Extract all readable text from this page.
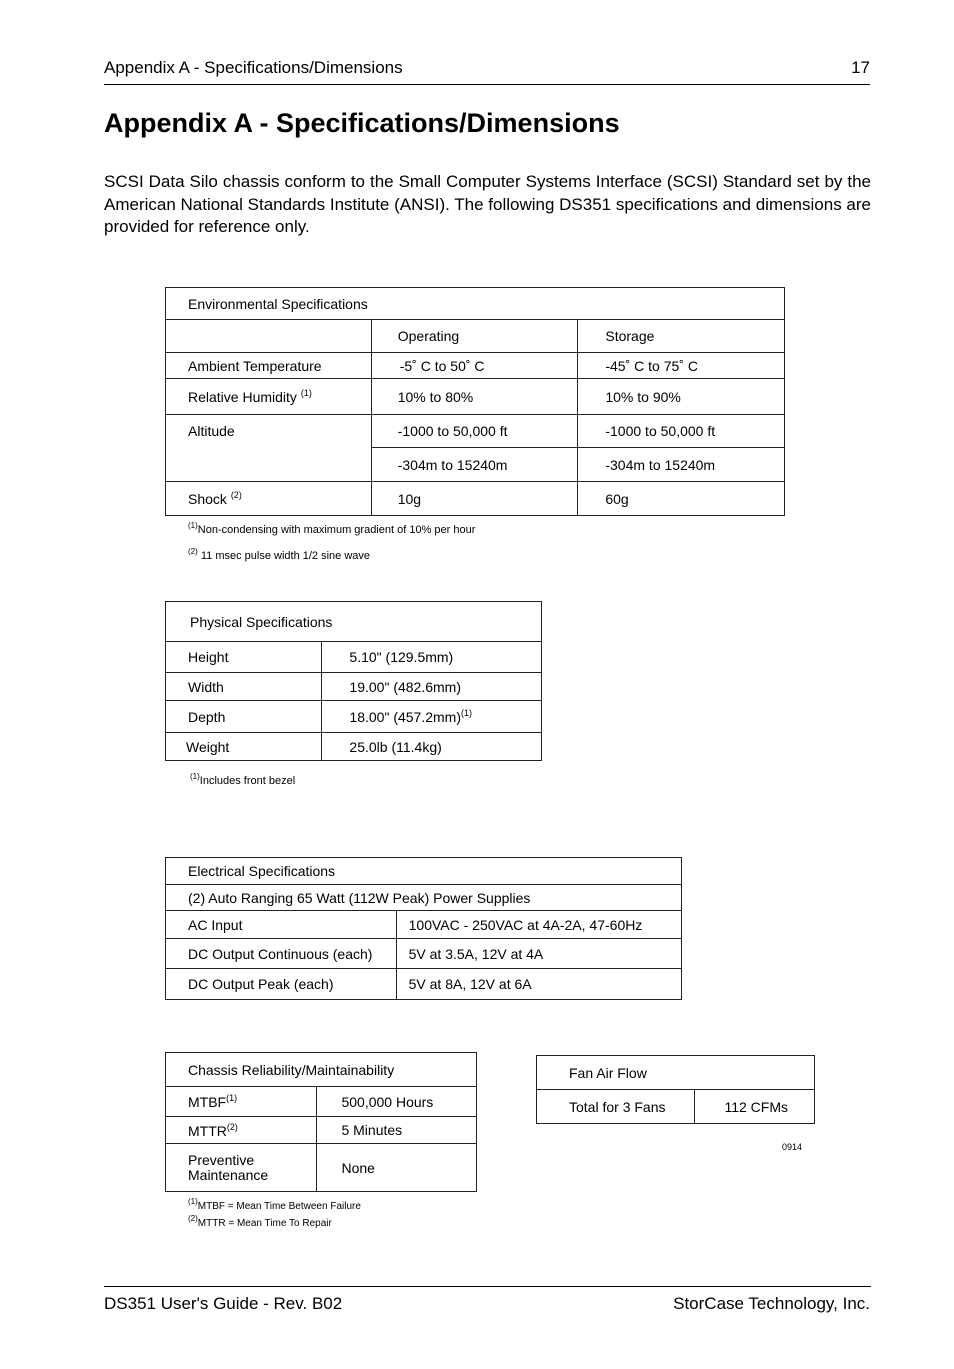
Appendix A - Specifications/Dimensions	17
Appendix A - Specifications/Dimensions
SCSI Data Silo chassis conform to the Small Computer Systems Interface (SCSI) Standard set by the American National Standards Institute (ANSI). The following DS351 specifications and dimensions are provided for reference only.
Environmental Specifications		
	Operating	Storage
Ambient Temperature	-5˚ C to 50˚ C	-45˚ C to 75˚ C
Relative Humidity $^{(1)}$	10% to 80%	10% to 90%
Altitude	-1000 to 50,000 ft	-1000 to 50,000 ft
	-304m to 15240m	-304m to 15240m
Shock $^{(2)}$	10g	60g
$^{(1)}$Non-condensing with maximum gradient of 10% per hour
$^{(2)}$ 11 msec pulse width 1/2 sine wave
Physical Specifications	
Height	5.10" (129.5mm)
Width	19.00" (482.6mm)
Depth	18.00" $(457.2mm)^{(1)}$
Weight	25.0lb (11.4kg)
$^{(1)}$Includes front bezel
Electrical Specifications	
(2) Auto Ranging 65 Watt (112W Peak) Power Supplies	
AC Input	100VAC - 250VAC at 4A-2A, 47-60Hz
DC Output Continuous (each)	5V at 3.5A, 12V at 4A
DC Output Peak (each)	5V at 8A, 12V at 6A
Chassis Reliability/Maintainability	
MTBF$^{(1)}$	500,000 Hours
MTTR$^{(2)}$	5 Minutes

Preventive
Maintenance	None
$^{(1)}$MTBF = Mean Time Between Failure
$^{(2)}$MTTR = Mean Time To Repair
Fan Air Flow
Total for 3 Fans	112 CFMs
0914
DS351 User's Guide - Rev. B02	StorCase Technology, Inc.
